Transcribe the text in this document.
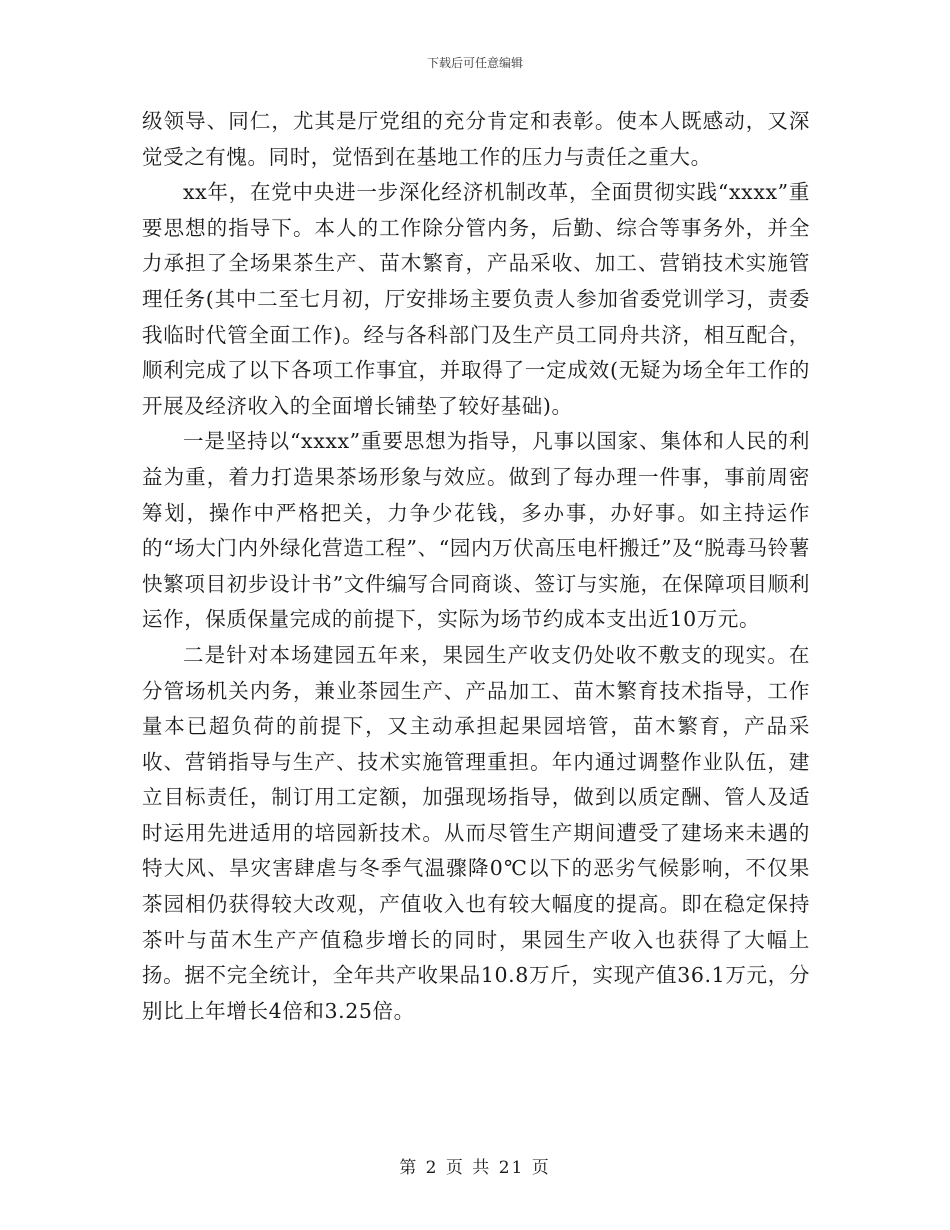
下载后可任意编辑

级领导、同仁，尤其是厅党组的充分肯定和表彰。使本人既感动，又深觉受之有愧。同时，觉悟到在基地工作的压力与责任之重大。

xx年，在党中央进一步深化经济机制改革，全面贯彻实践“xxxx”重要思想的指导下。本人的工作除分管内务，后勤、综合等事务外，并全力承担了全场果茶生产、苗木繁育，产品采收、加工、营销技术实施管理任务(其中二至七月初，厅安排场主要负责人参加省委党训学习，责委我临时代管全面工作)。经与各科部门及生产员工同舟共济，相互配合，顺利完成了以下各项工作事宜，并取得了一定成效(无疑为场全年工作的开展及经济收入的全面增长铺垫了较好基础)。

一是坚持以“xxxx”重要思想为指导，凡事以国家、集体和人民的利益为重，着力打造果茶场形象与效应。做到了每办理一件事，事前周密筹划，操作中严格把关，力争少花钱，多办事，办好事。如主持运作的“场大门内外绿化营造工程”、“园内万伏高压电杆搬迁”及“脱毒马铃薯快繁项目初步设计书”文件编写合同商谈、签订与实施，在保障项目顺利运作，保质保量完成的前提下，实际为场节约成本支出近10万元。

二是针对本场建园五年来，果园生产收支仍处收不敷支的现实。在分管场机关内务，兼业茶园生产、产品加工、苗木繁育技术指导，工作量本已超负荷的前提下，又主动承担起果园培管，苗木繁育，产品采收、营销指导与生产、技术实施管理重担。年内通过调整作业队伍，建立目标责任，制订用工定额，加强现场指导，做到以质定酬、管人及适时运用先进适用的培园新技术。从而尽管生产期间遭受了建场来未遇的特大风、旱灾害肆虐与冬季气温骤降0℃以下的恶劣气候影响，不仅果茶园相仍获得较大改观，产值收入也有较大幅度的提高。即在稳定保持茶叶与苗木生产产值稳步增长的同时，果园生产收入也获得了大幅上扬。据不完全统计，全年共产收果品10.8万斤，实现产值36.1万元，分别比上年增长4倍和3.25倍。

第 2 页 共 21 页
